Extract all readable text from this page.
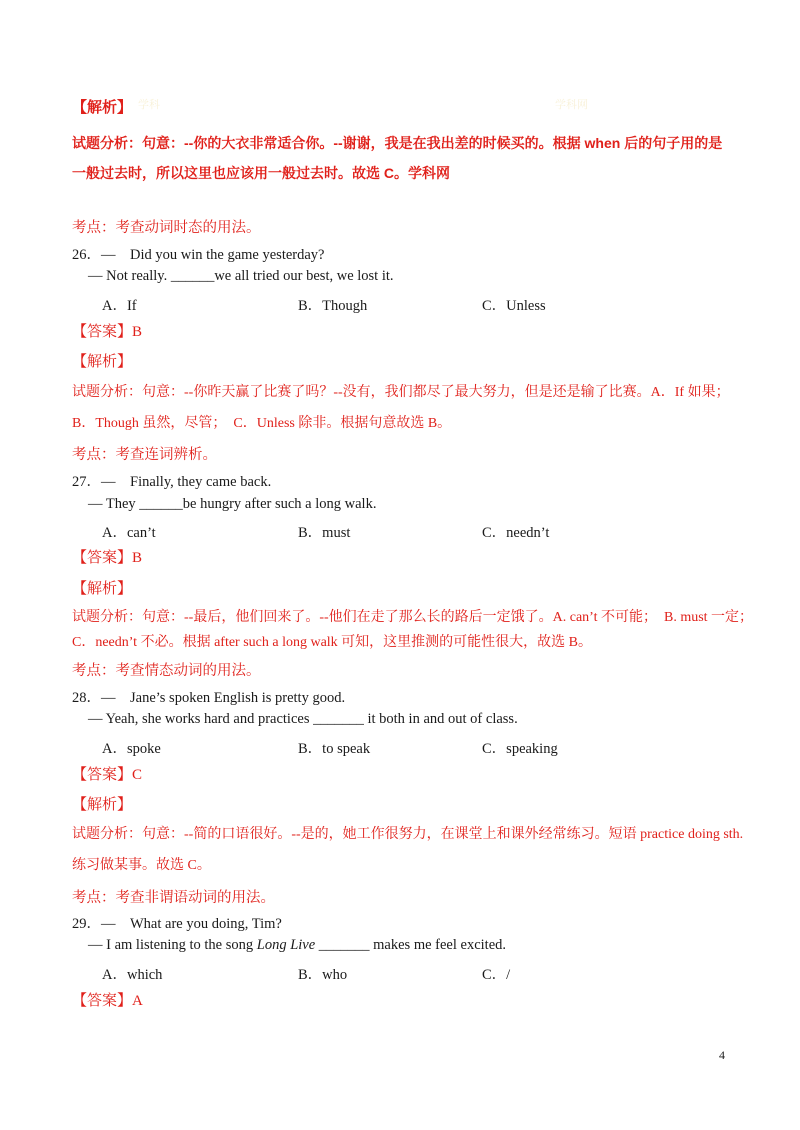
学科	学科网
【解析】
试题分析：句意：--你的大衣非常适合你。--谢谢，我是在我出差的时候买的。根据 when 后的句子用的是
一般过去时，所以这里也应该用一般过去时。故选 C。学科网
考点：考查动词时态的用法。
26．—　Did you win the game yesterday?
— Not really. ______we all tried our best, we lost it.
A．If	B．Though	C．Unless
【答案】B
【解析】
试题分析：句意：--你昨天赢了比赛了吗？--没有，我们都尽了最大努力，但是还是输了比赛。A．If 如果；
B．Though 虽然，尽管；　C．Unless 除非。根据句意故选 B。
考点：考查连词辨析。
27．—　Finally, they came back.
— They ______be hungry after such a long walk.
A．can’t	B．must	C．needn’t
【答案】B
【解析】
试题分析：句意：--最后，他们回来了。--他们在走了那么长的路后一定饿了。A. can’t 不可能；　B. must 一定；
C．needn’t 不必。根据 after such a long walk 可知，这里推测的可能性很大，故选 B。
考点：考查情态动词的用法。
28．—　Jane’s spoken English is pretty good.
— Yeah, she works hard and practices _______ it both in and out of class.
A．spoke	B．to speak	C．speaking
【答案】C
【解析】
试题分析：句意：--简的口语很好。--是的，她工作很努力，在课堂上和课外经常练习。短语 practice doing sth.
练习做某事。故选 C。
考点：考查非谓语动词的用法。
29．—　What are you doing, Tim?
— I am listening to the song Long Live _______ makes me feel excited.
A．which	B．who	C．/
【答案】A
4
